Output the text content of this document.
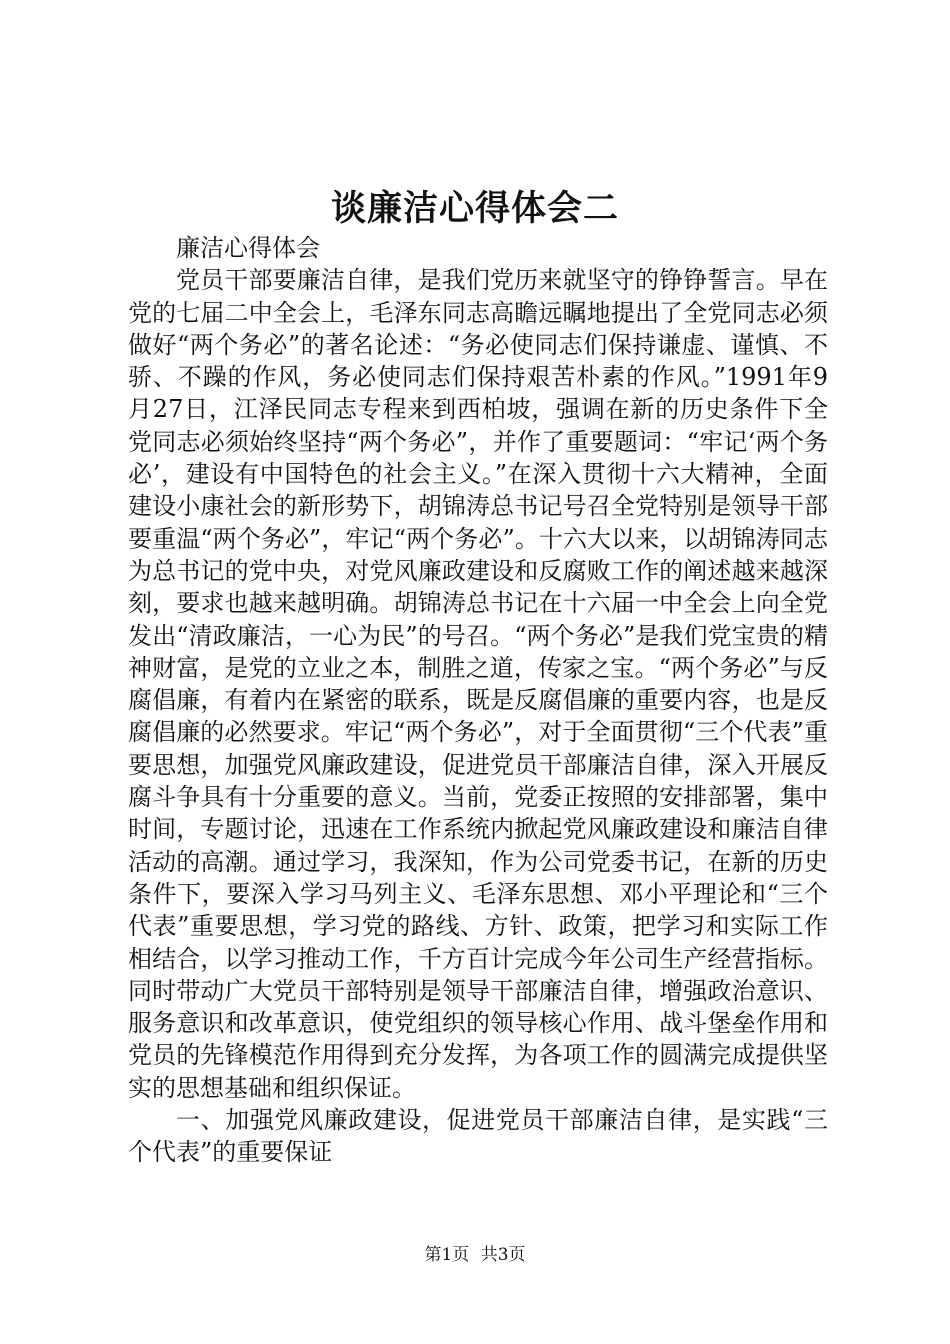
谈廉洁心得体会二

廉洁心得体会

党员干部要廉洁自律，是我们党历来就坚守的铮铮誓言。早在党的七届二中全会上，毛泽东同志高瞻远瞩地提出了全党同志必须做好“两个务必”的著名论述：“务必使同志们保持谦虚、谨慎、不骄、不躁的作风，务必使同志们保持艰苦朴素的作风。”1991年9月27日，江泽民同志专程来到西柏坡，强调在新的历史条件下全党同志必须始终坚持“两个务必”，并作了重要题词：“牢记‘两个务必’，建设有中国特色的社会主义。”在深入贯彻十六大精神，全面建设小康社会的新形势下，胡锦涛总书记号召全党特别是领导干部要重温“两个务必”，牢记“两个务必”。十六大以来，以胡锦涛同志为总书记的党中央，对党风廉政建设和反腐败工作的阐述越来越深刻，要求也越来越明确。胡锦涛总书记在十六届一中全会上向全党发出“清政廉洁，一心为民”的号召。“两个务必”是我们党宝贵的精神财富，是党的立业之本，制胜之道，传家之宝。“两个务必”与反腐倡廉，有着内在紧密的联系，既是反腐倡廉的重要内容，也是反腐倡廉的必然要求。牢记“两个务必”，对于全面贯彻“三个代表”重要思想，加强党风廉政建设，促进党员干部廉洁自律，深入开展反腐斗争具有十分重要的意义。当前，党委正按照的安排部署，集中时间，专题讨论，迅速在工作系统内掀起党风廉政建设和廉洁自律活动的高潮。通过学习，我深知，作为公司党委书记，在新的历史条件下，要深入学习马列主义、毛泽东思想、邓小平理论和“三个代表”重要思想，学习党的路线、方针、政策，把学习和实际工作相结合，以学习推动工作，千方百计完成今年公司生产经营指标。同时带动广大党员干部特别是领导干部廉洁自律，增强政治意识、服务意识和改革意识，使党组织的领导核心作用、战斗堡垒作用和党员的先锋模范作用得到充分发挥，为各项工作的圆满完成提供坚实的思想基础和组织保证。

一、加强党风廉政建设，促进党员干部廉洁自律，是实践“三个代表”的重要保证

第1页 共3页
